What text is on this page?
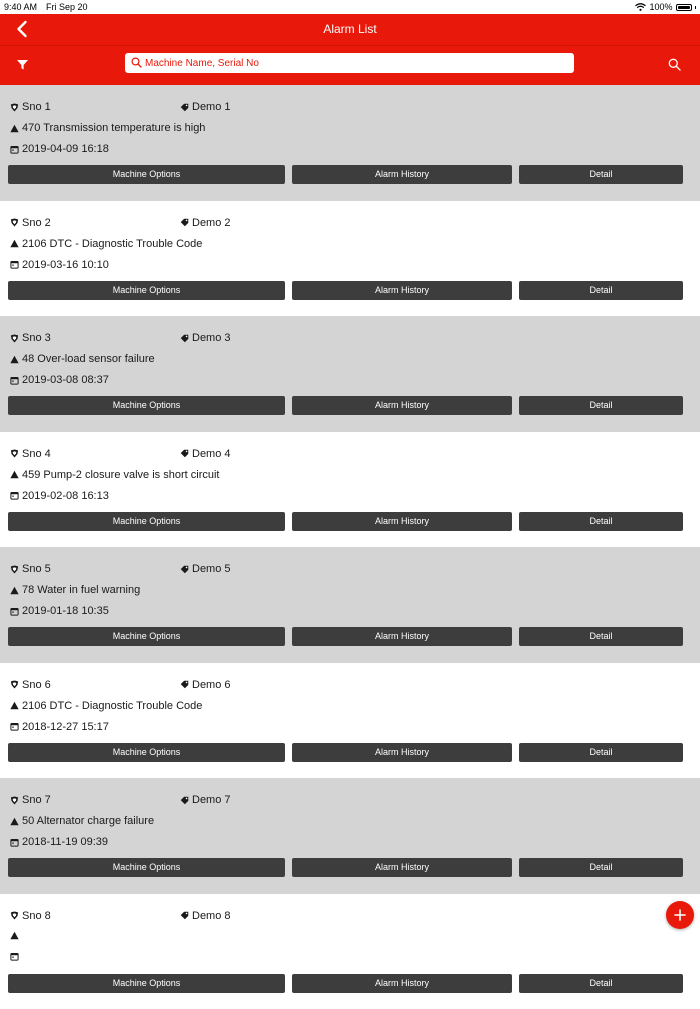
9:40 AM Fri Sep 20	100%
Alarm List
Machine Name, Serial No
Sno 1	Demo 1
470 Transmission temperature is high
2019-04-09 16:18
Machine Options	Alarm History	Detail
Sno 2	Demo 2
2106 DTC - Diagnostic Trouble Code
2019-03-16 10:10
Machine Options	Alarm History	Detail
Sno 3	Demo 3
48 Over-load sensor failure
2019-03-08 08:37
Machine Options	Alarm History	Detail
Sno 4	Demo 4
459 Pump-2 closure valve is short circuit
2019-02-08 16:13
Machine Options	Alarm History	Detail
Sno 5	Demo 5
78 Water in fuel warning
2019-01-18 10:35
Machine Options	Alarm History	Detail
Sno 6	Demo 6
2106 DTC - Diagnostic Trouble Code
2018-12-27 15:17
Machine Options	Alarm History	Detail
Sno 7	Demo 7
50 Alternator charge failure
2018-11-19 09:39
Machine Options	Alarm History	Detail
Sno 8	Demo 8
Machine Options	Alarm History	Detail
